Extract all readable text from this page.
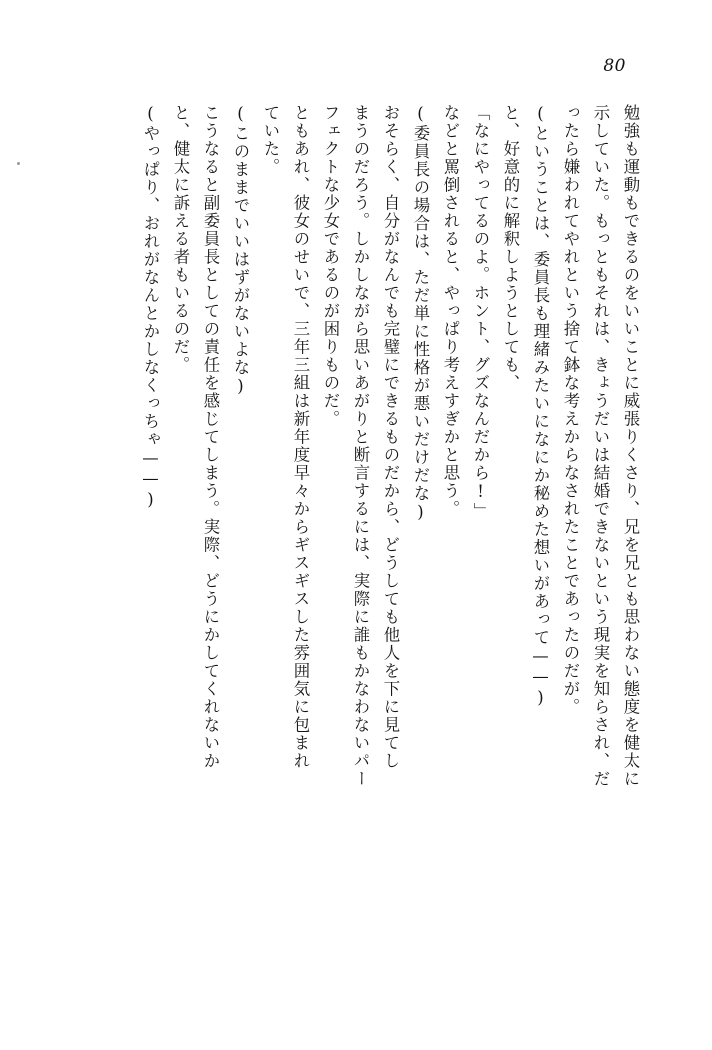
80
勉強も運動もできるのをいいことに威張りくさり、兄を兄とも思わない態度を健太に
示していた。もっともそれは、きょうだいは結婚できないという現実を知らされ、だ
ったら嫌われてやれという捨て鉢な考えからなされたことであったのだが。
(ということは、委員長も理緒みたいになにか秘めた想いがあって——)
と、好意的に解釈しようとしても、
「なにやってるのよ。ホント、グズなんだから!」
などと罵倒されると、やっぱり考えすぎかと思う。
(委員長の場合は、ただ単に性格が悪いだけだな)
おそらく、自分がなんでも完璧にできるものだから、どうしても他人を下に見てし
まうのだろう。しかしながら思いあがりと断言するには、実際に誰もかなわないパー
フェクトな少女であるのが困りものだ。
ともあれ、彼女のせいで、三年三組は新年度早々からギスギスした雰囲気に包まれ
ていた。
(このままでいいはずがないよな)
こうなると副委員長としての責任を感じてしまう。実際、どうにかしてくれないか
と、健太に訴える者もいるのだ。
(やっぱり、おれがなんとかしなくっちゃ——)
